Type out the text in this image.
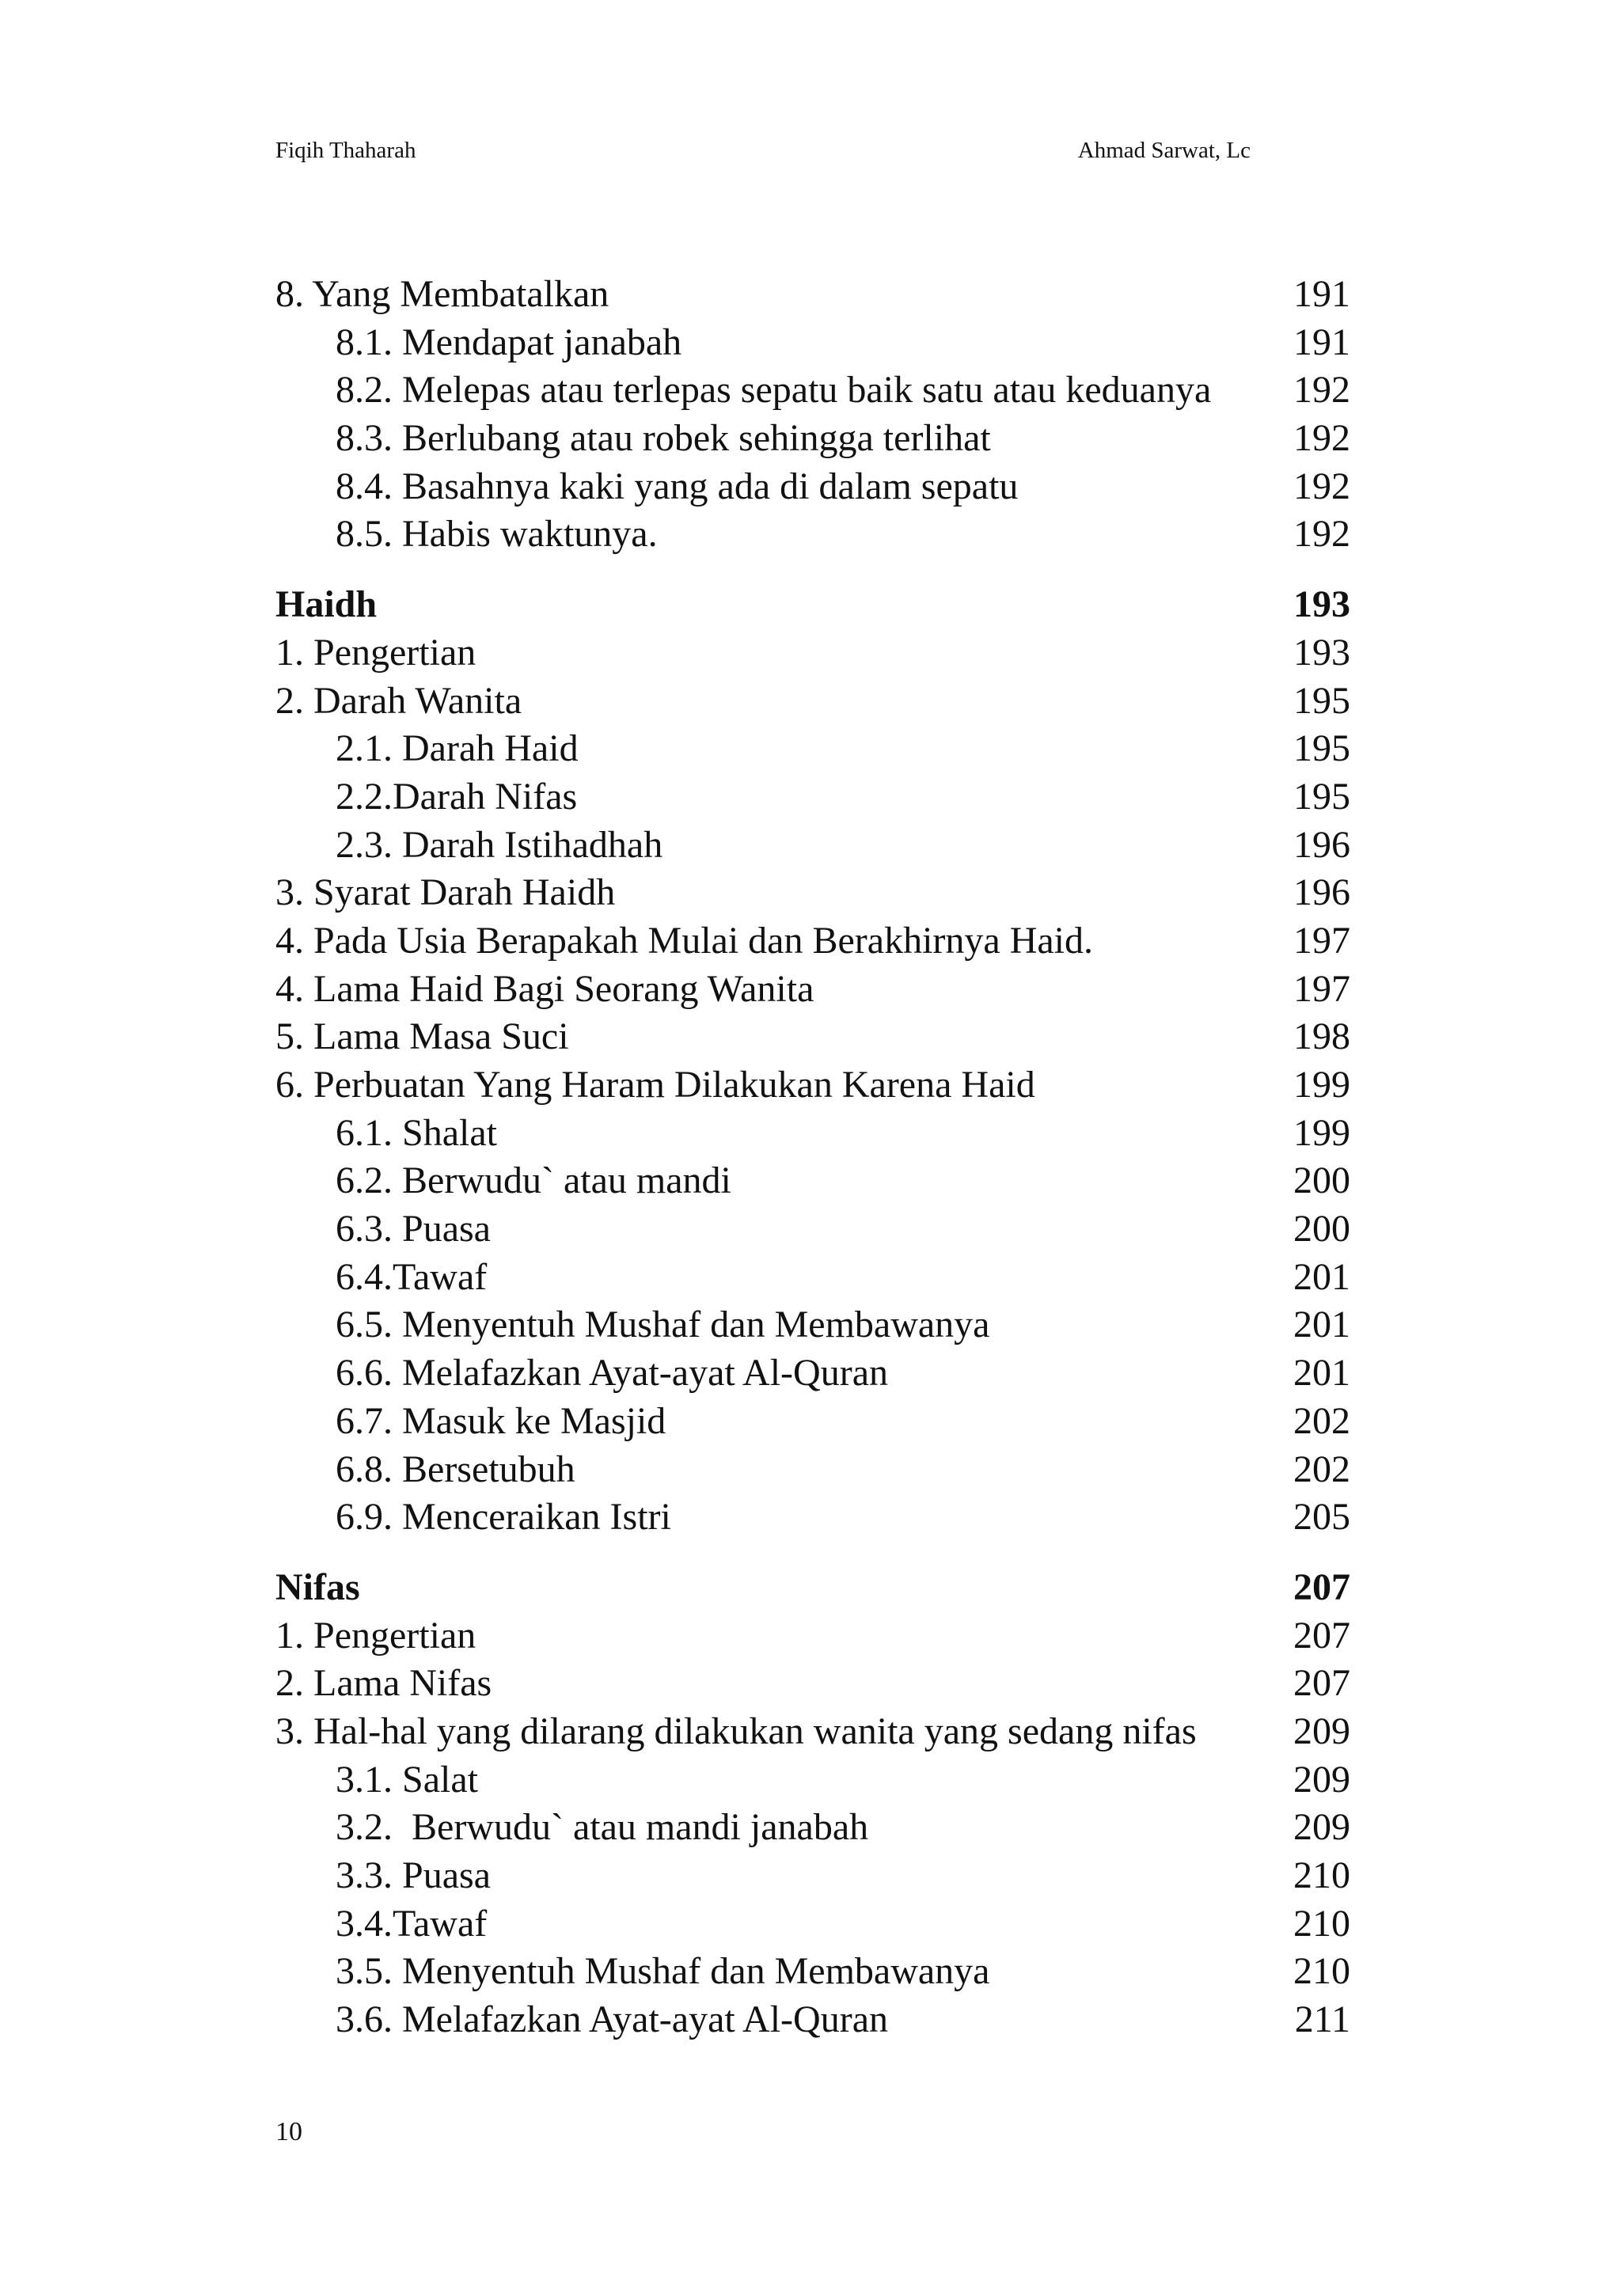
Fiqih Thaharah	Ahmad Sarwat, Lc
8. Yang Membatalkan	191
8.1. Mendapat janabah	191
8.2. Melepas atau terlepas sepatu baik satu atau keduanya	192
8.3. Berlubang atau robek sehingga terlihat	192
8.4. Basahnya kaki yang ada di dalam sepatu	192
8.5. Habis waktunya.	192
Haidh	193
1. Pengertian	193
2. Darah Wanita	195
2.1. Darah Haid	195
2.2.Darah Nifas	195
2.3. Darah Istihadhah	196
3. Syarat Darah Haidh	196
4. Pada Usia Berapakah Mulai dan Berakhirnya Haid.	197
4. Lama Haid Bagi Seorang Wanita	197
5. Lama Masa Suci	198
6. Perbuatan Yang Haram Dilakukan Karena Haid	199
6.1. Shalat	199
6.2. Berwudu` atau mandi	200
6.3. Puasa	200
6.4.Tawaf	201
6.5. Menyentuh Mushaf dan Membawanya	201
6.6. Melafazkan Ayat-ayat Al-Quran	201
6.7. Masuk ke Masjid	202
6.8. Bersetubuh	202
6.9. Menceraikan Istri	205
Nifas	207
1. Pengertian	207
2. Lama Nifas	207
3. Hal-hal yang dilarang dilakukan wanita yang sedang nifas	209
3.1. Salat	209
3.2.  Berwudu` atau mandi janabah	209
3.3. Puasa	210
3.4.Tawaf	210
3.5. Menyentuh Mushaf dan Membawanya	210
3.6. Melafazkan Ayat-ayat Al-Quran	211
10
